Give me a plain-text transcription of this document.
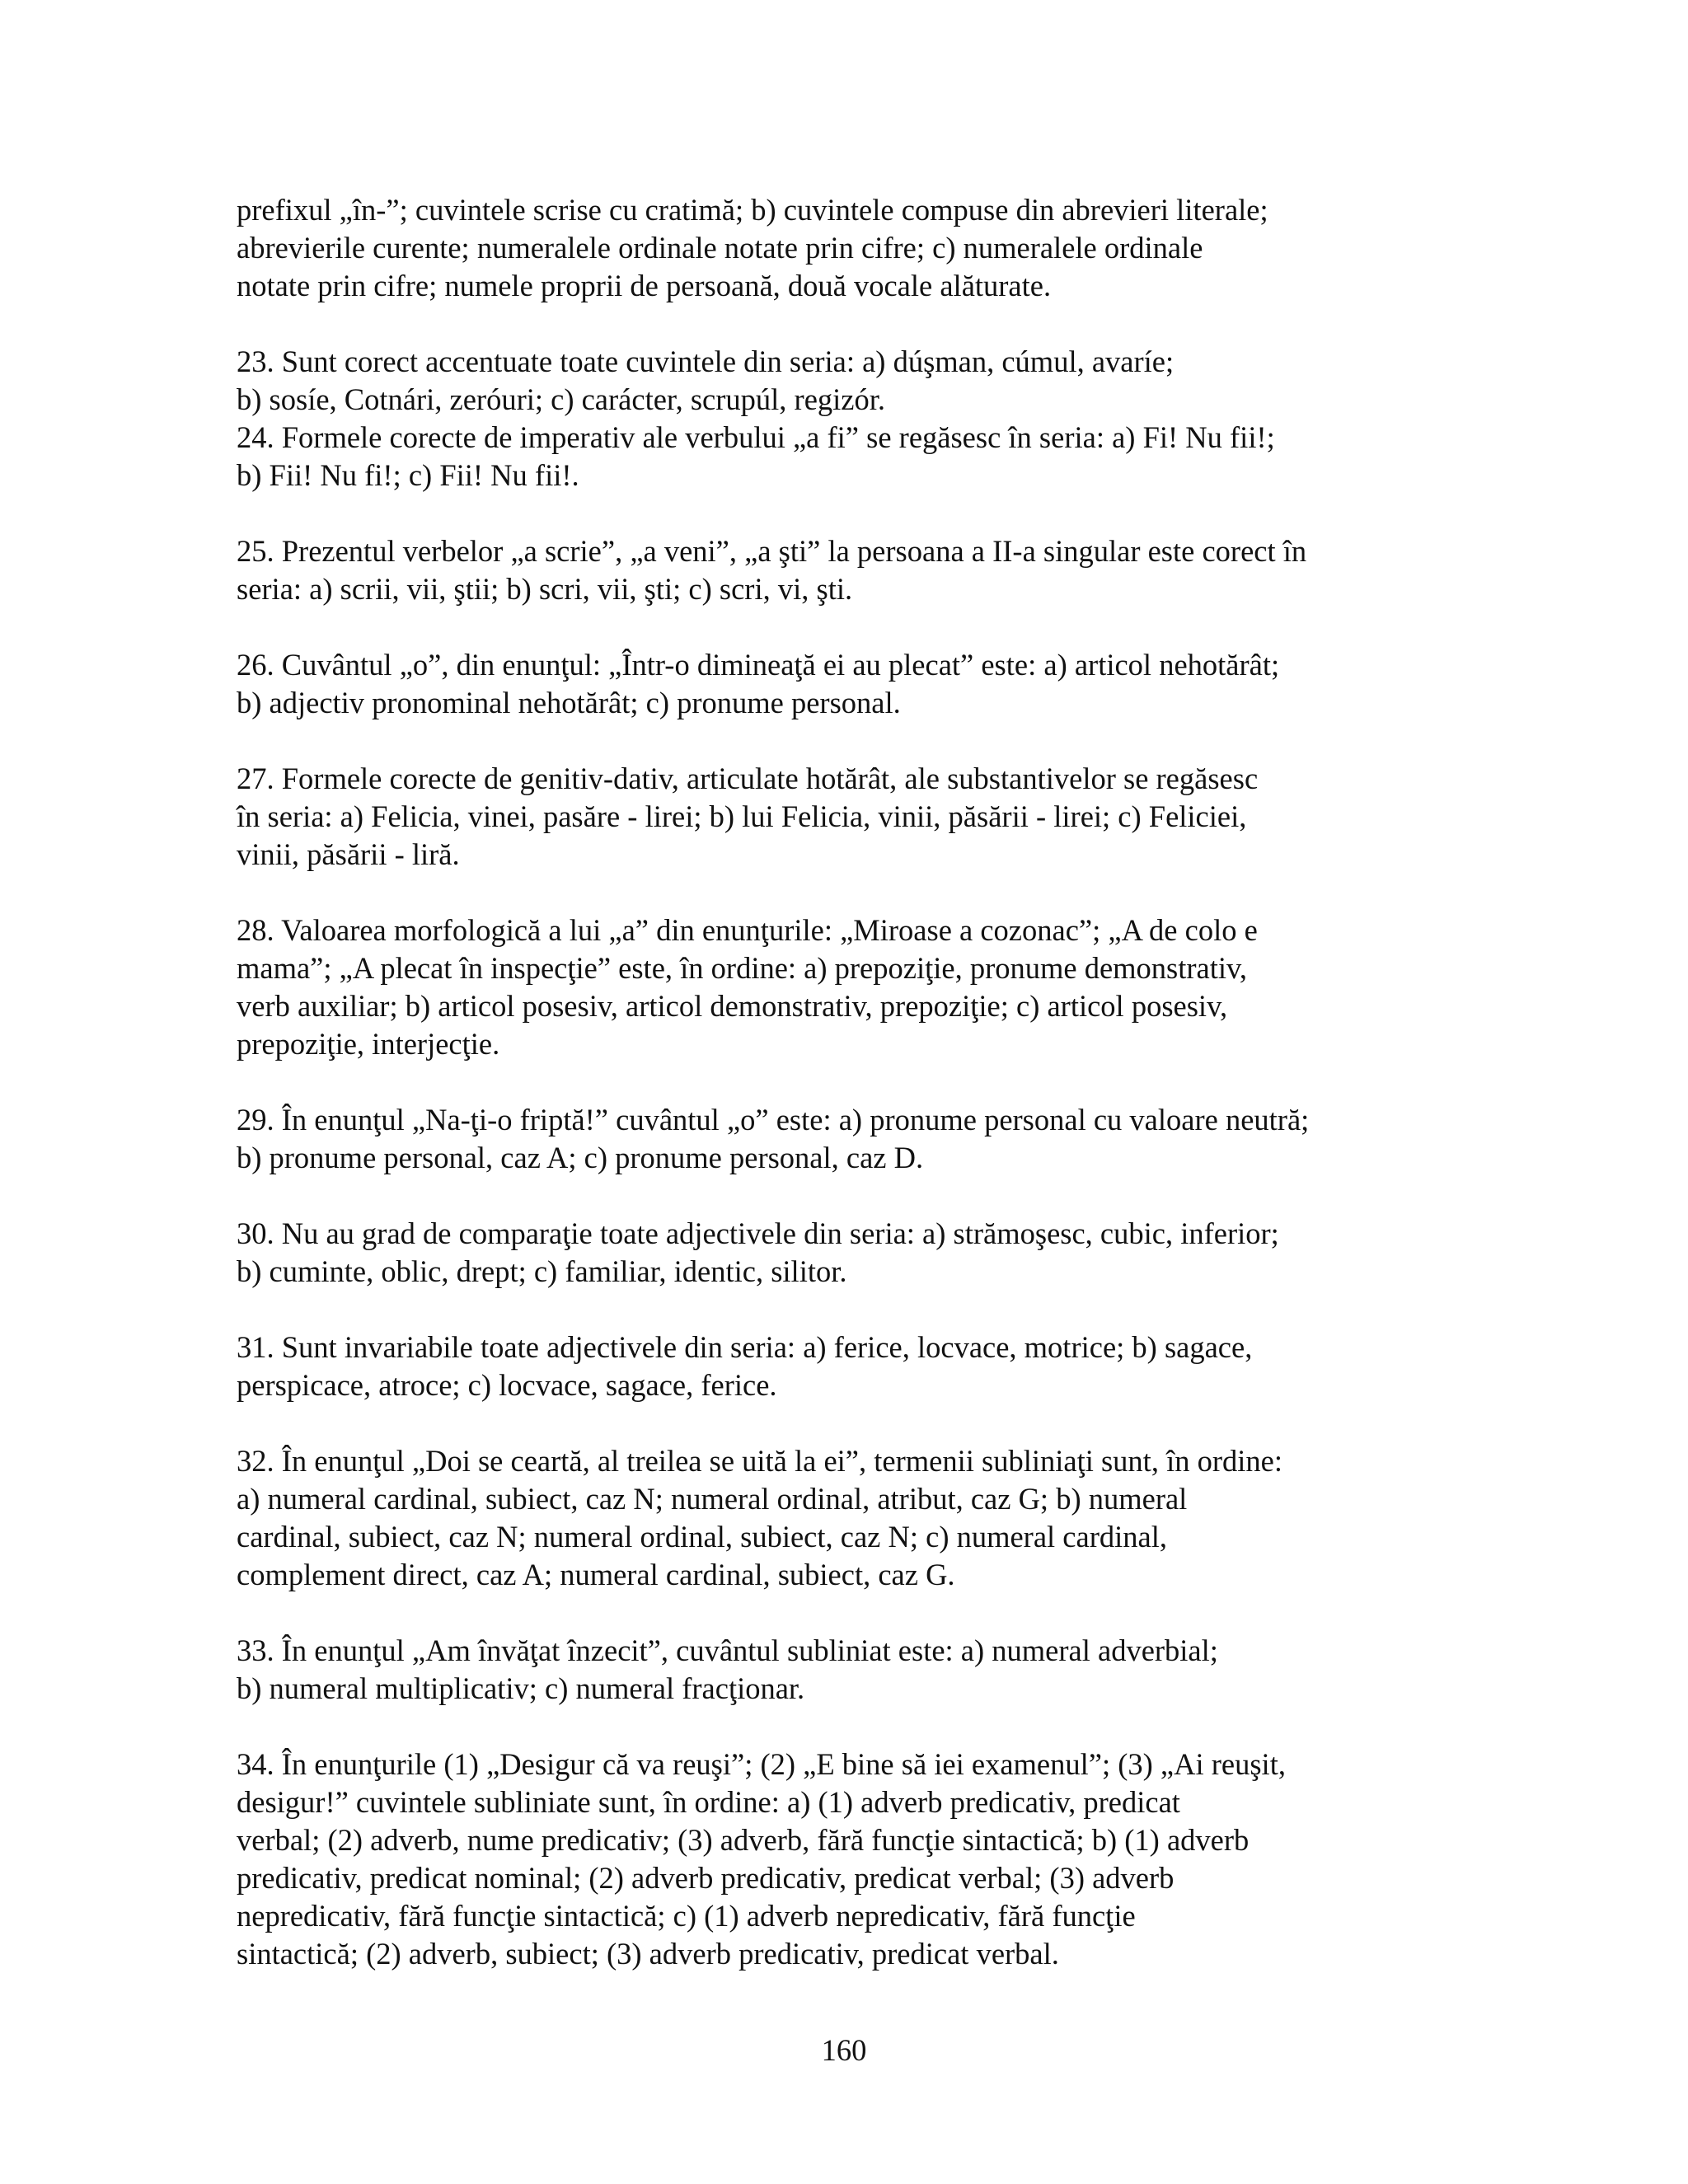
prefixul „în-”; cuvintele scrise cu cratimă; b) cuvintele compuse din abrevieri literale;
abrevierile curente; numeralele ordinale notate prin cifre; c) numeralele ordinale
notate prin cifre; numele proprii de persoană, două vocale alăturate.
23. Sunt corect accentuate toate cuvintele din seria: a) dúşman, cúmul, avaríe;
b) sosíe, Cotnári, zeróuri; c) carácter, scrupúl, regizór.
24. Formele corecte de imperativ ale verbului „a fi” se regăsesc în seria: a) Fi! Nu fii!;
b) Fii! Nu fi!; c) Fii! Nu fii!.
25. Prezentul verbelor „a scrie”, „a veni”, „a şti” la persoana a II-a singular este corect în
seria: a) scrii, vii, ştii; b) scri, vii, şti; c) scri, vi, şti.
26. Cuvântul „o”, din enunţul: „Într-o dimineaţă ei au plecat” este: a) articol nehotărât;
b) adjectiv pronominal nehotărât; c) pronume personal.
27. Formele corecte de genitiv-dativ, articulate hotărât, ale substantivelor se regăsesc
în seria: a) Felicia, vinei, pasăre - lirei; b) lui Felicia, vinii, păsării - lirei; c) Feliciei,
vinii, păsării - liră.
28. Valoarea morfologică a lui „a” din enunţurile: „Miroase a cozonac”; „A de colo e
mama”; „A plecat în inspecţie” este, în ordine: a) prepoziţie, pronume demonstrativ,
verb auxiliar; b) articol posesiv, articol demonstrativ, prepoziţie; c) articol posesiv,
prepoziţie, interjecţie.
29. În enunţul „Na-ţi-o friptă!” cuvântul „o” este: a) pronume personal cu valoare neutră;
b) pronume personal, caz A; c) pronume personal, caz D.
30. Nu au grad de comparaţie toate adjectivele din seria: a) strămoşesc, cubic, inferior;
b) cuminte, oblic, drept; c) familiar, identic, silitor.
31. Sunt invariabile toate adjectivele din seria: a) ferice, locvace, motrice; b) sagace,
perspicace, atroce; c) locvace, sagace, ferice.
32. În enunţul „Doi se ceartă, al treilea se uită la ei”, termenii subliniaţi sunt, în ordine:
a) numeral cardinal, subiect, caz N; numeral ordinal, atribut, caz G; b) numeral
cardinal, subiect, caz N; numeral ordinal, subiect, caz N; c) numeral cardinal,
complement direct, caz A; numeral cardinal, subiect, caz G.
33. În enunţul „Am învăţat înzecit”, cuvântul subliniat este: a) numeral adverbial;
b) numeral multiplicativ; c) numeral fracţionar.
34. În enunţurile (1) „Desigur că va reuşi”; (2) „E bine să iei examenul”; (3) „Ai reuşit,
desigur!” cuvintele subliniate sunt, în ordine: a) (1) adverb predicativ, predicat
verbal; (2) adverb, nume predicativ; (3) adverb, fără funcţie sintactică; b) (1) adverb
predicativ, predicat nominal; (2) adverb predicativ, predicat verbal; (3) adverb
nepredicativ, fără funcţie sintactică; c) (1) adverb nepredicativ, fără funcţie
sintactică; (2) adverb, subiect; (3) adverb predicativ, predicat verbal.
160
